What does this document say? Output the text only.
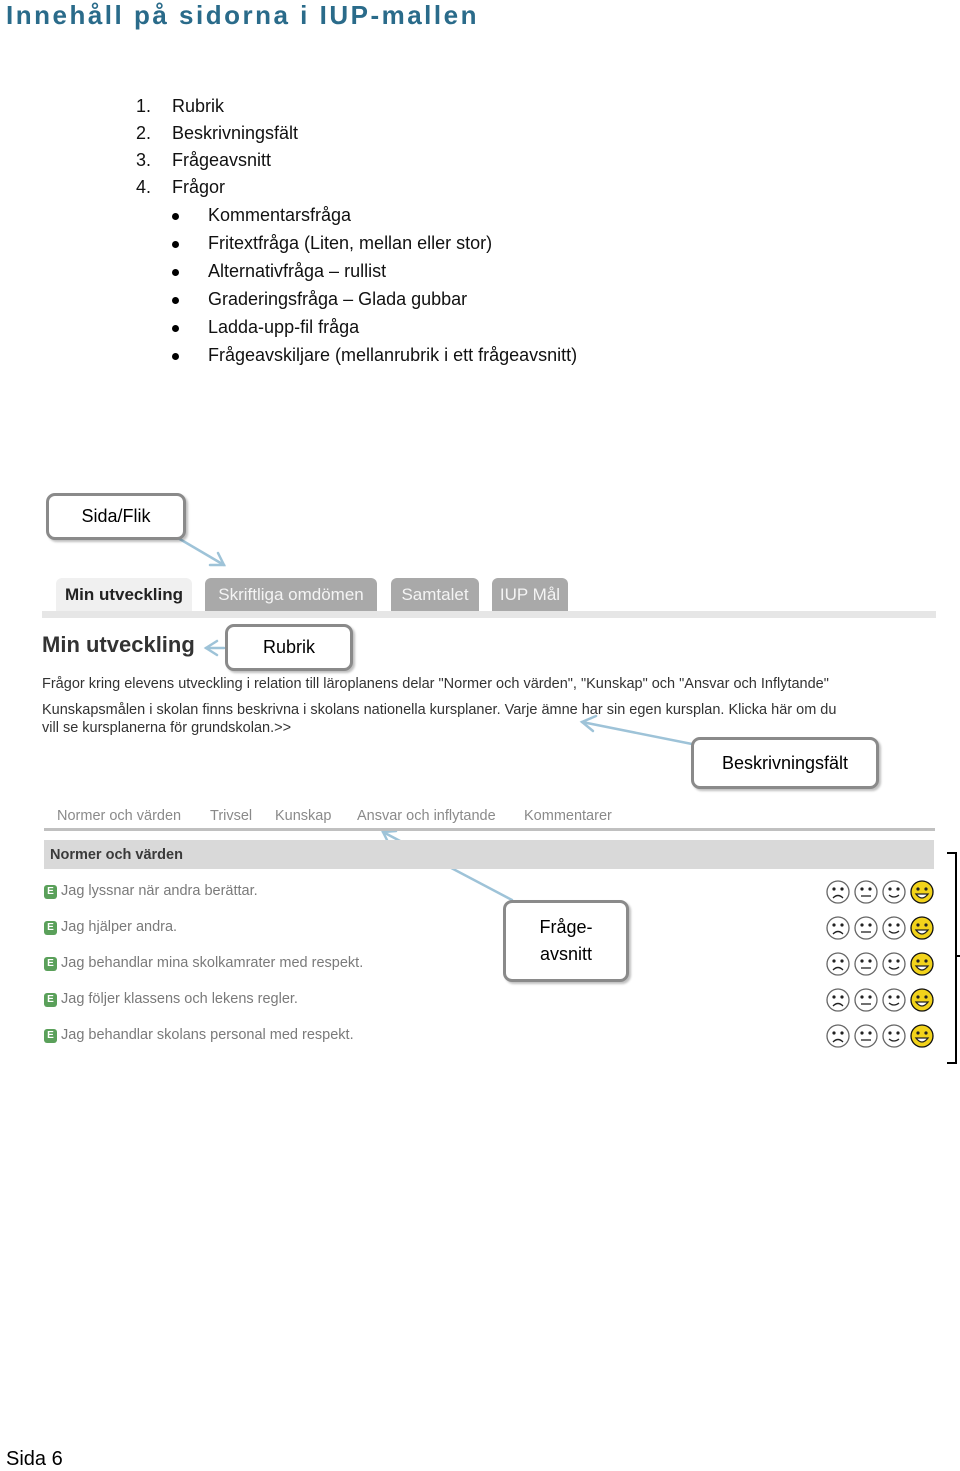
Innehåll på sidorna i IUP-mallen
1.	Rubrik
2.	Beskrivningsfält
3.	Frågeavsnitt
4.	Frågor
Kommentarsfråga
Fritextfråga (Liten, mellan eller stor)
Alternativfråga – rullist
Graderingsfråga – Glada gubbar
Ladda-upp-fil fråga
Frågeavskiljare (mellanrubrik i ett frågeavsnitt)
Sida/Flik
Min utveckling Skriftliga omdömen Samtalet IUP Mål
Min utveckling	Rubrik
Frågor kring elevens utveckling i relation till läroplanens delar "Normer och värden", "Kunskap" och "Ansvar och Inflytande"
Kunskapsmålen i skolan finns beskrivna i skolans nationella kursplaner. Varje ämne har sin egen kursplan. Klicka här om du
vill se kursplanerna för grundskolan.>>
Beskrivningsfält
Normer och värden Trivsel Kunskap Ansvar och inflytande Kommentarer
Normer och värden
E Jag lyssnar när andra berättar.
E Jag hjälper andra.
E Jag behandlar mina skolkamrater med respekt.
E Jag följer klassens och lekens regler.
E Jag behandlar skolans personal med respekt.
Fråge-
avsnitt
Sida 6
